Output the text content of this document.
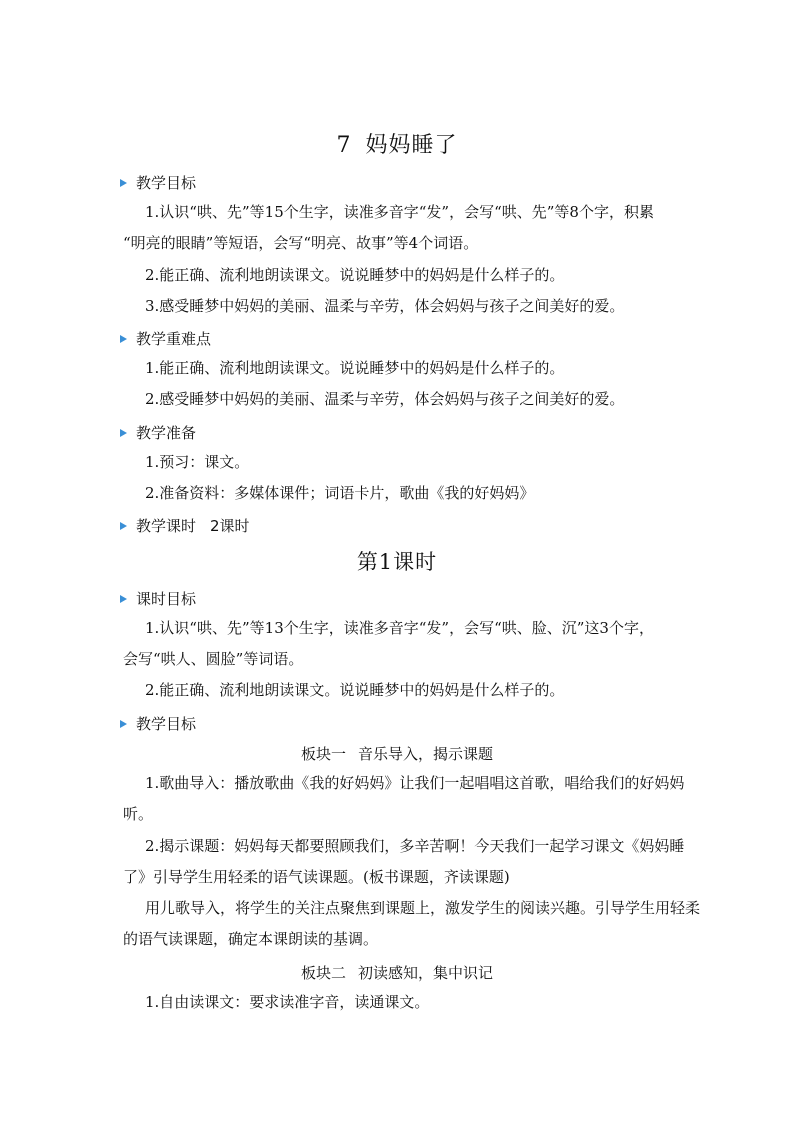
7 妈妈睡了
教学目标
1.认识“哄、先”等15个生字，读准多音字“发”，会写“哄、先”等8个字，积累
“明亮的眼睛”等短语，会写“明亮、故事”等4个词语。
2.能正确、流利地朗读课文。说说睡梦中的妈妈是什么样子的。
3.感受睡梦中妈妈的美丽、温柔与辛劳，体会妈妈与孩子之间美好的爱。
教学重难点
1.能正确、流利地朗读课文。说说睡梦中的妈妈是什么样子的。
2.感受睡梦中妈妈的美丽、温柔与辛劳，体会妈妈与孩子之间美好的爱。
教学准备
1.预习：课文。
2.准备资料：多媒体课件；词语卡片，歌曲《我的好妈妈》
教学课时 2课时
第1课时
课时目标
1.认识“哄、先”等13个生字，读准多音字“发”，会写“哄、脸、沉”这3个字，
会写“哄人、圆脸”等词语。
2.能正确、流利地朗读课文。说说睡梦中的妈妈是什么样子的。
教学目标
板块一 音乐导入，揭示课题
1.歌曲导入：播放歌曲《我的好妈妈》让我们一起唱唱这首歌，唱给我们的好妈妈
听。
2.揭示课题：妈妈每天都要照顾我们，多辛苦啊！今天我们一起学习课文《妈妈睡
了》引导学生用轻柔的语气读课题。(板书课题，齐读课题)
用儿歌导入，将学生的关注点聚焦到课题上，激发学生的阅读兴趣。引导学生用轻柔
的语气读课题，确定本课朗读的基调。
板块二 初读感知，集中识记
1.自由读课文：要求读准字音，读通课文。
